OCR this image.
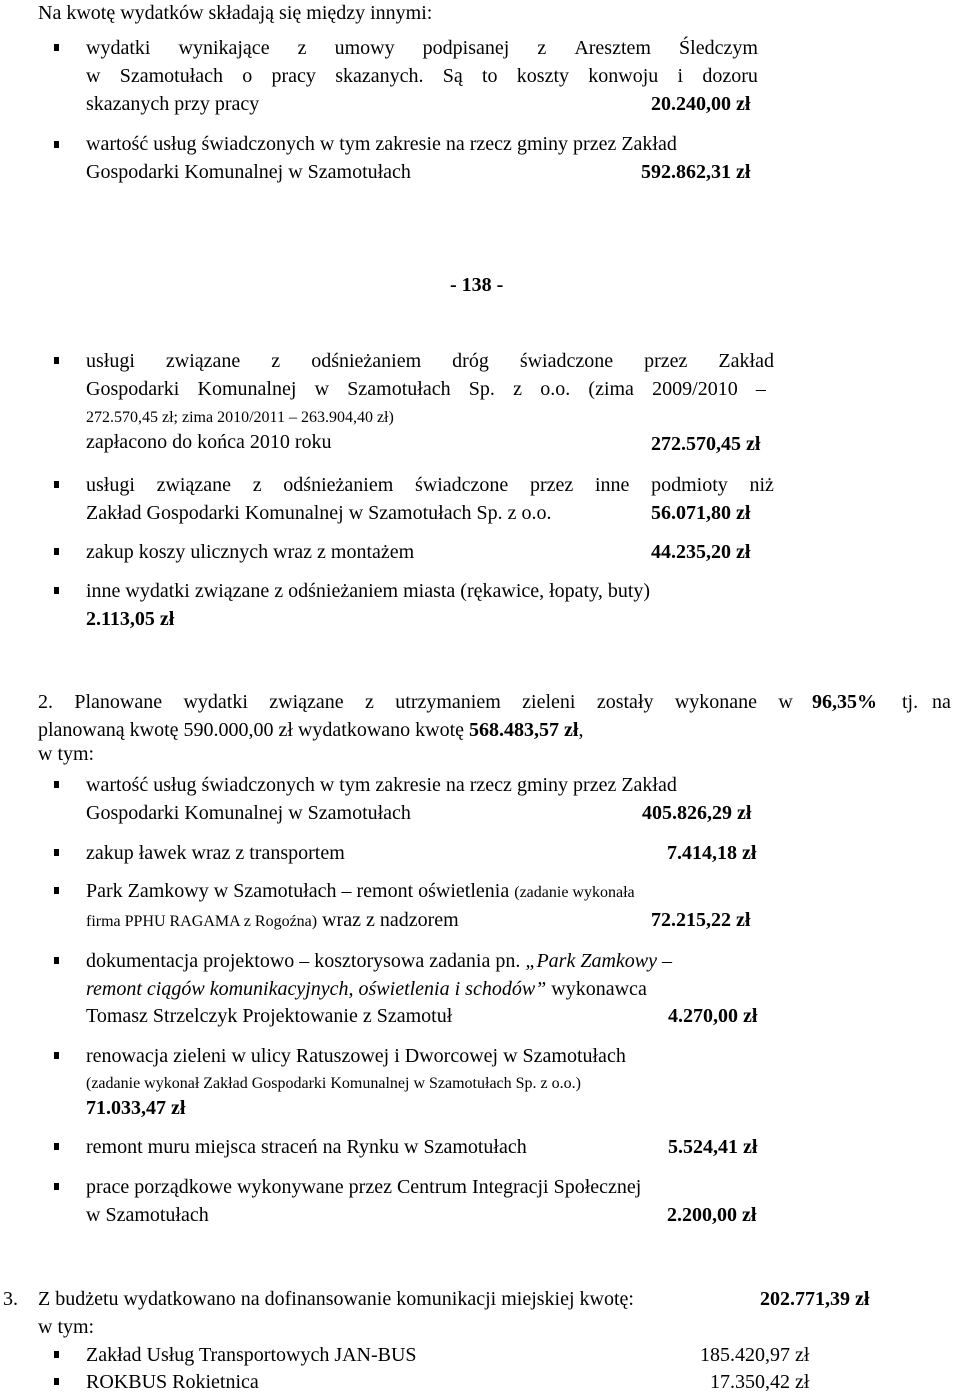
Na kwotę wydatków składają się między innymi:
wydatki wynikające z umowy podpisanej z Aresztem Śledczym
w Szamotułach o pracy skazanych. Są to koszty konwoju i dozoru
skazanych przy pracy	20.240,00 zł
wartość usług świadczonych w tym zakresie na rzecz gminy przez Zakład
Gospodarki Komunalnej w Szamotułach	592.862,31 zł
- 138 -
usługi związane z odśnieżaniem dróg świadczone przez Zakład
Gospodarki Komunalnej w Szamotułach Sp. z o.o. (zima 2009/2010 –
272.570,45 zł; zima 2010/2011 – 263.904,40 zł)
zapłacono do końca 2010 roku	272.570,45 zł
usługi związane z odśnieżaniem świadczone przez inne podmioty niż
Zakład Gospodarki Komunalnej w Szamotułach Sp. z o.o.	56.071,80 zł
zakup koszy ulicznych wraz z montażem	44.235,20 zł
inne wydatki związane z odśnieżaniem miasta (rękawice, łopaty, buty)
2.113,05 zł
2. Planowane wydatki związane z utrzymaniem zieleni zostały wykonane w 96,35% tj. na
planowaną kwotę 590.000,00 zł wydatkowano kwotę 568.483,57 zł,
w tym:
wartość usług świadczonych w tym zakresie na rzecz gminy przez Zakład
Gospodarki Komunalnej w Szamotułach	405.826,29 zł
zakup ławek wraz z transportem	7.414,18 zł
Park Zamkowy w Szamotułach – remont oświetlenia (zadanie wykonała
firma PPHU RAGAMA z Rogoźna) wraz z nadzorem	72.215,22 zł
dokumentacja projektowo – kosztorysowa zadania pn. „Park Zamkowy –
remont ciągów komunikacyjnych, oświetlenia i schodów” wykonawca
Tomasz Strzelczyk Projektowanie z Szamotuł	4.270,00 zł
renowacja zieleni w ulicy Ratuszowej i Dworcowej w Szamotułach
(zadanie wykonał Zakład Gospodarki Komunalnej w Szamotułach Sp. z o.o.)
71.033,47 zł
remont muru miejsca straceń na Rynku w Szamotułach	5.524,41 zł
prace porządkowe wykonywane przez Centrum Integracji Społecznej
w Szamotułach	2.200,00 zł
3. Z budżetu wydatkowano na dofinansowanie komunikacji miejskiej kwotę:	202.771,39 zł
w tym:
Zakład Usług Transportowych JAN-BUS	185.420,97 zł
ROKBUS Rokietnica	17.350,42 zł
